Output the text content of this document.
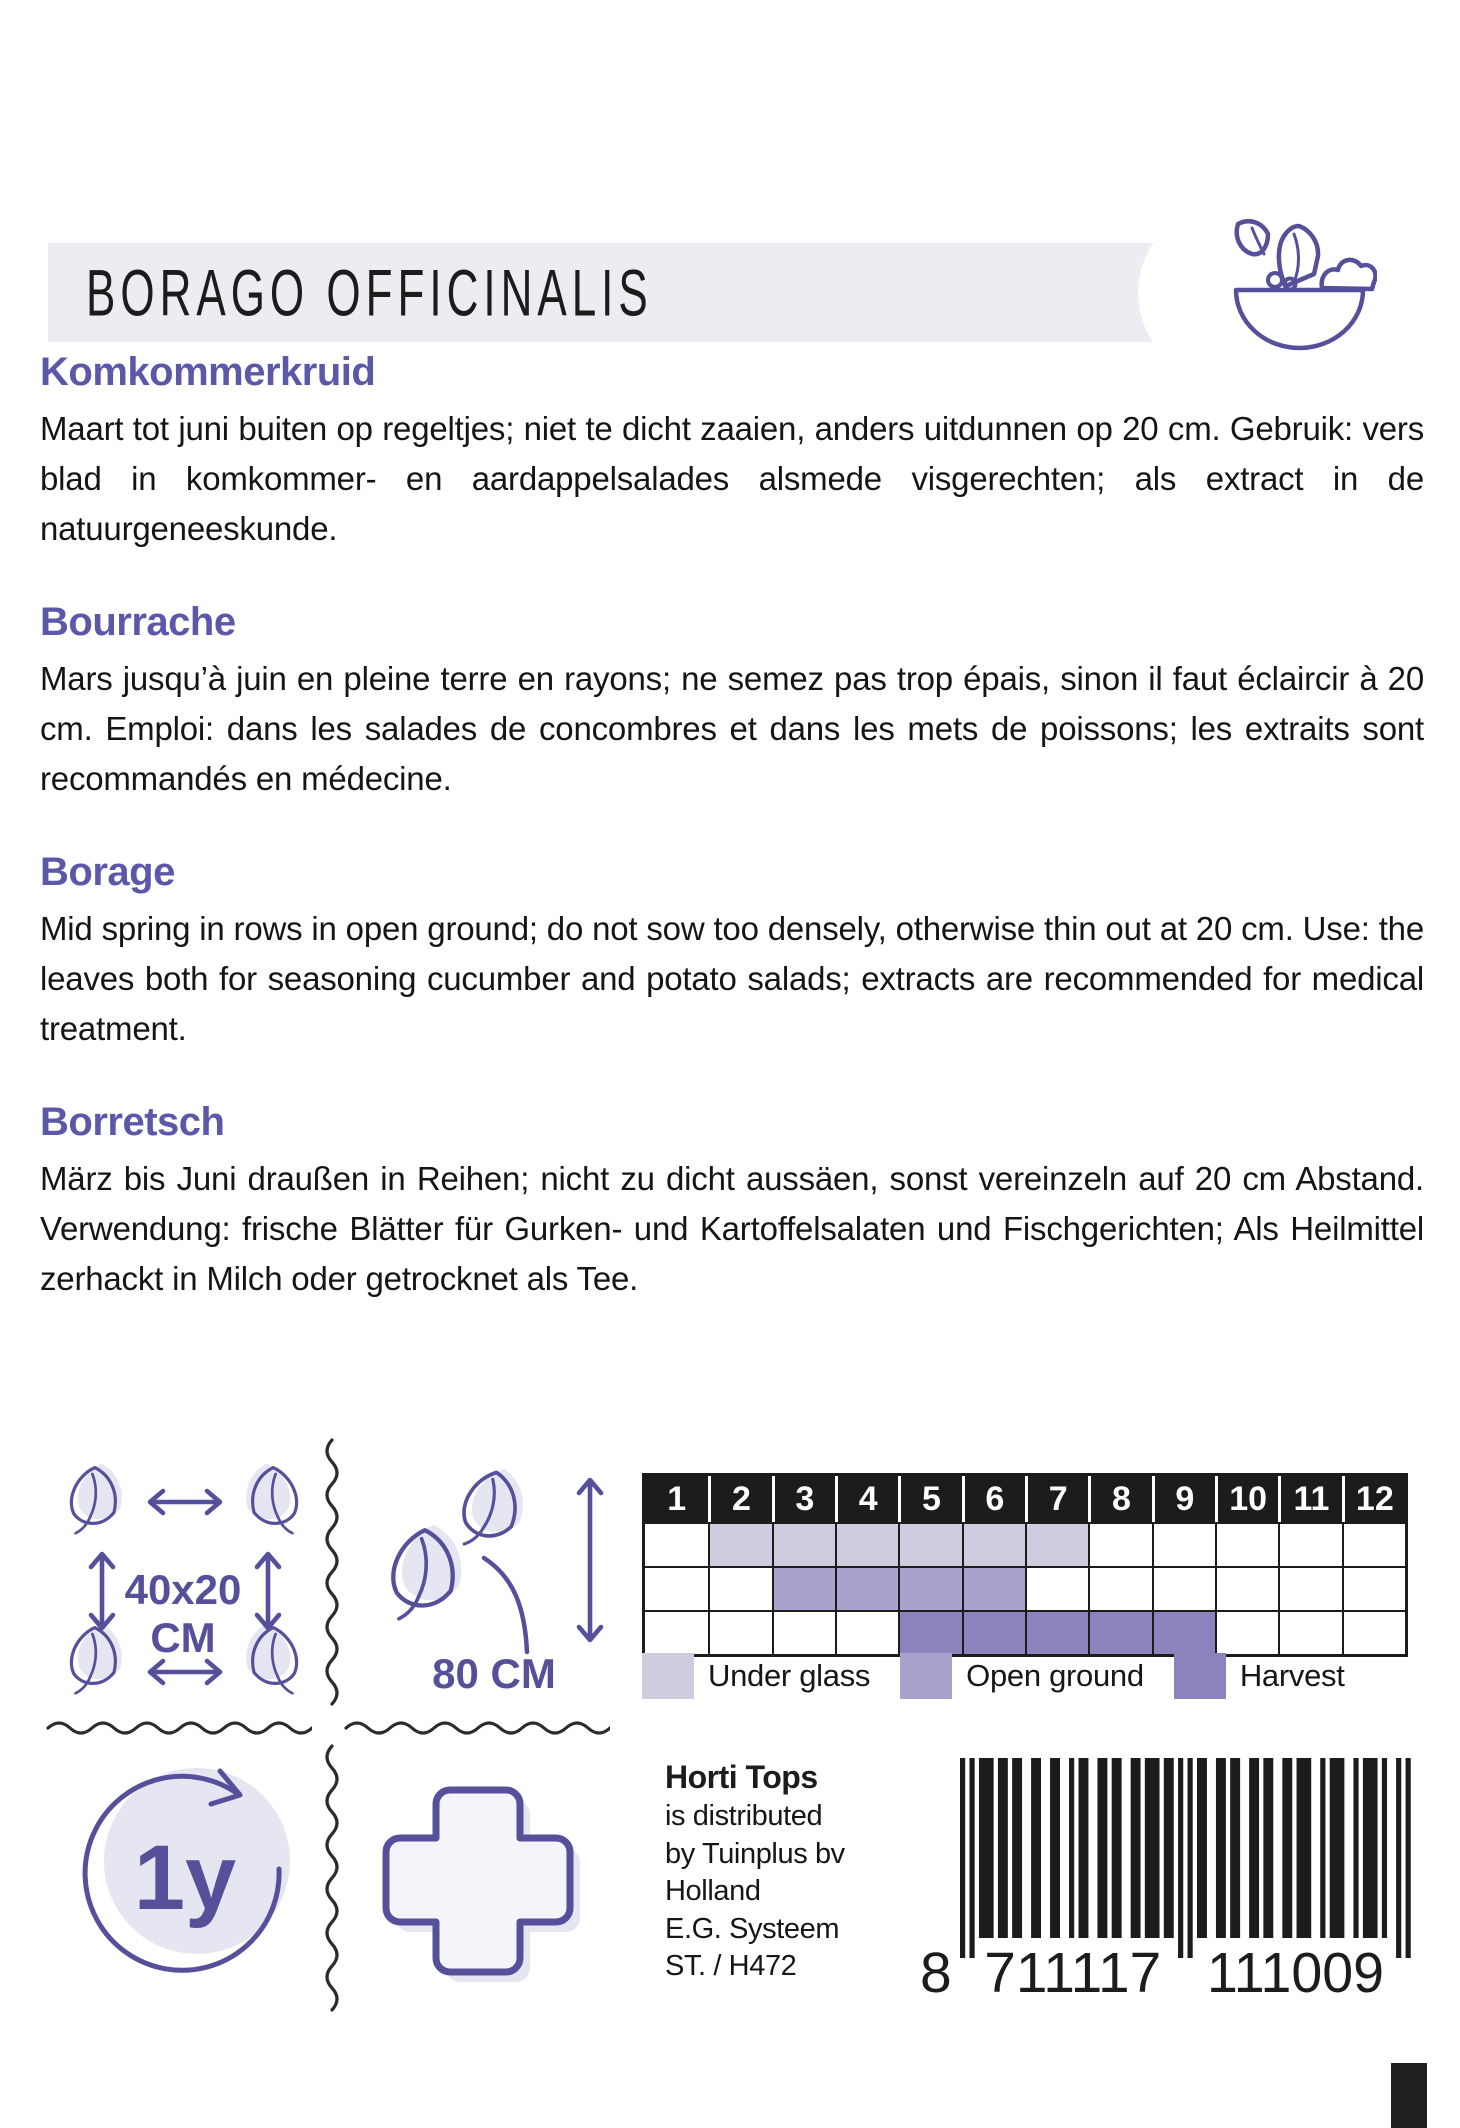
BORAGO OFFICINALIS
Komkommerkruid

Maart tot juni buiten op regeltjes; niet te dicht zaaien, anders uitdunnen op 20 cm. Gebruik: vers blad in komkommer- en aardappelsalades alsmede visgerechten; als extract in de natuurgeneeskunde.

Bourrache

Mars jusqu’à juin en pleine terre en rayons; ne semez pas trop épais, sinon il faut éclaircir à 20 cm. Emploi: dans les salades de concombres et dans les mets de poissons; les extraits sont recommandés en médecine.

Borage

Mid spring in rows in open ground; do not sow too densely, otherwise thin out at 20 cm. Use: the leaves both for seasoning cucumber and potato salads; extracts are recommended for medical treatment.

Borretsch

März bis Juni draußen in Reihen; nicht zu dicht aussäen, sonst vereinzeln auf 20 cm Abstand. Verwendung: frische Blätter für Gurken- und Kartoffelsalaten und Fischgerichten; Als Heilmittel zerhackt in Milch oder getrocknet als Tee.

40x20
CM
80 CM
1y
1	2	3	4	5	6	7	8	9	10 11 12
Under glass	Open ground	Harvest
Horti Tops
is distributed
by Tuinplus bv
Holland
E.G. Systeem
ST. / H472	8 711117 111009
